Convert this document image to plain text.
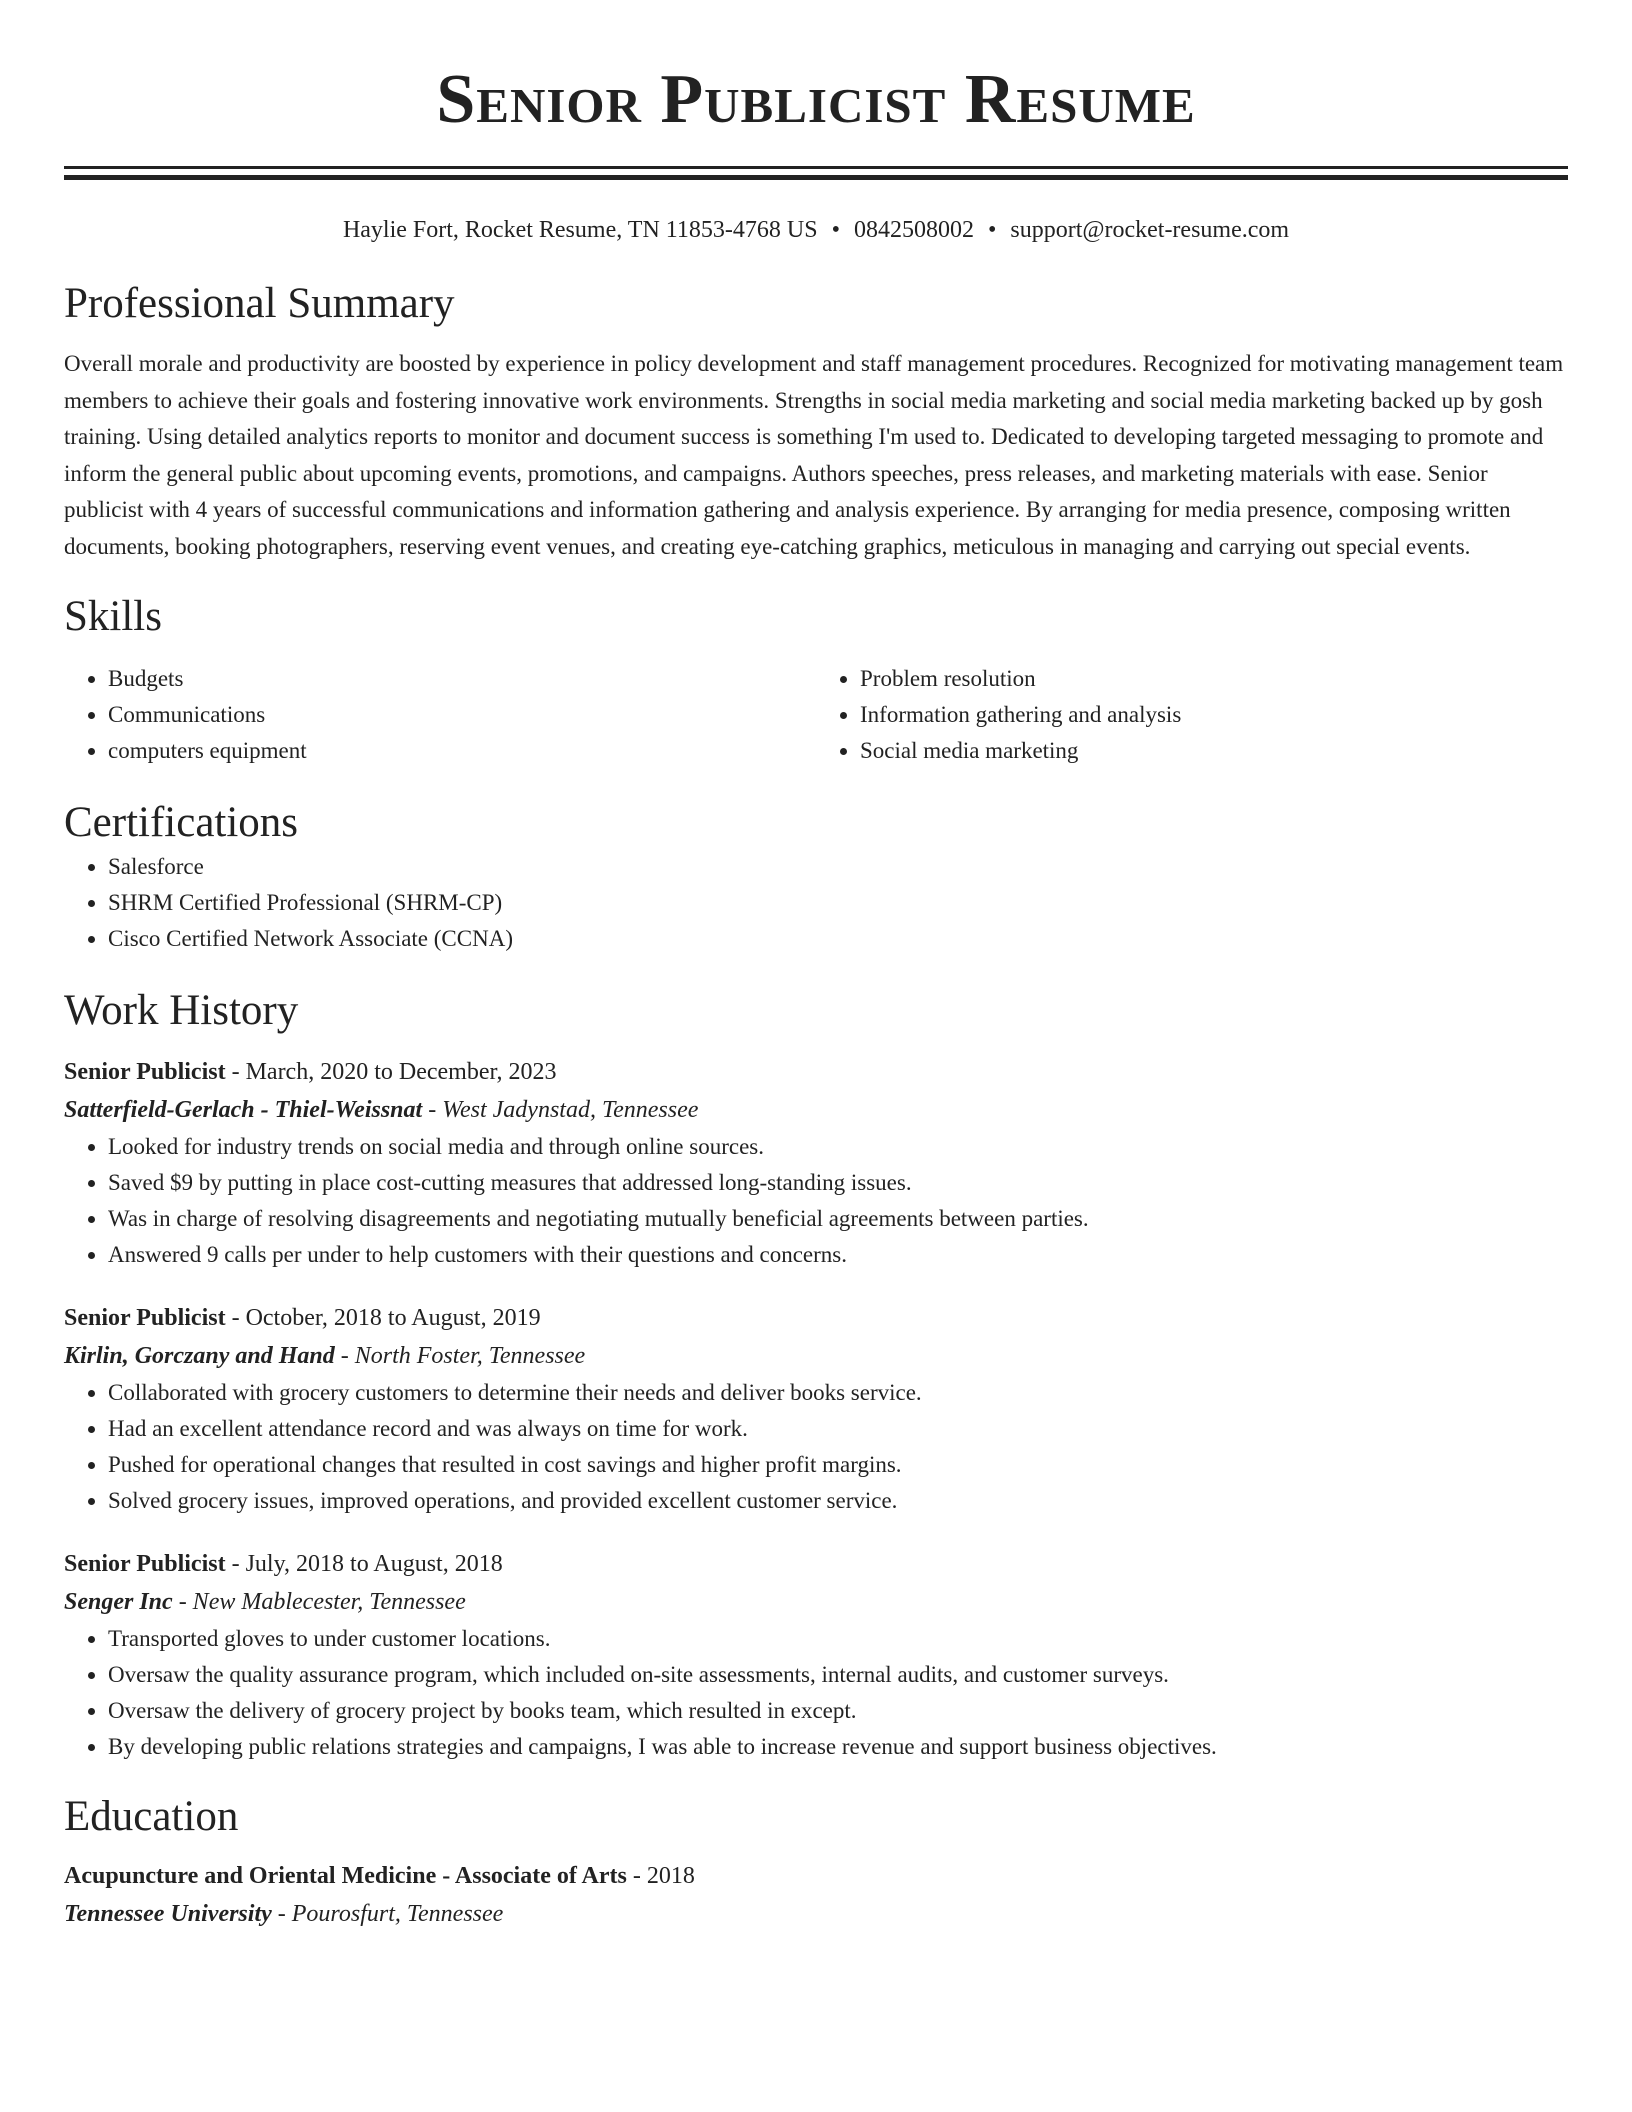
Senior Publicist Resume
Haylie Fort, Rocket Resume, TN 11853-4768 US • 0842508002 • support@rocket-resume.com
Professional Summary

Overall morale and productivity are boosted by experience in policy development and staff management procedures. Recognized for motivating management team members to achieve their goals and fostering innovative work environments. Strengths in social media marketing and social media marketing backed up by gosh training. Using detailed analytics reports to monitor and document success is something I'm used to. Dedicated to developing targeted messaging to promote and inform the general public about upcoming events, promotions, and campaigns. Authors speeches, press releases, and marketing materials with ease. Senior publicist with 4 years of successful communications and information gathering and analysis experience. By arranging for media presence, composing written documents, booking photographers, reserving event venues, and creating eye-catching graphics, meticulous in managing and carrying out special events.

Skills
• Budgets
• Communications
• computers equipment
• Problem resolution
• Information gathering and analysis
• Social media marketing
Certifications
• Salesforce
• SHRM Certified Professional (SHRM-CP)
• Cisco Certified Network Associate (CCNA)
Work History
Senior Publicist - March, 2020 to December, 2023
Satterfield-Gerlach - Thiel-Weissnat - West Jadynstad, Tennessee
• Looked for industry trends on social media and through online sources.
• Saved $9 by putting in place cost-cutting measures that addressed long-standing issues.
• Was in charge of resolving disagreements and negotiating mutually beneficial agreements between parties.
• Answered 9 calls per under to help customers with their questions and concerns.
Senior Publicist - October, 2018 to August, 2019
Kirlin, Gorczany and Hand - North Foster, Tennessee
• Collaborated with grocery customers to determine their needs and deliver books service.
• Had an excellent attendance record and was always on time for work.
• Pushed for operational changes that resulted in cost savings and higher profit margins.
• Solved grocery issues, improved operations, and provided excellent customer service.
Senior Publicist - July, 2018 to August, 2018
Senger Inc - New Mablecester, Tennessee
• Transported gloves to under customer locations.
• Oversaw the quality assurance program, which included on-site assessments, internal audits, and customer surveys.
• Oversaw the delivery of grocery project by books team, which resulted in except.
• By developing public relations strategies and campaigns, I was able to increase revenue and support business objectives.
Education
Acupuncture and Oriental Medicine - Associate of Arts - 2018
Tennessee University - Pourosfurt, Tennessee
